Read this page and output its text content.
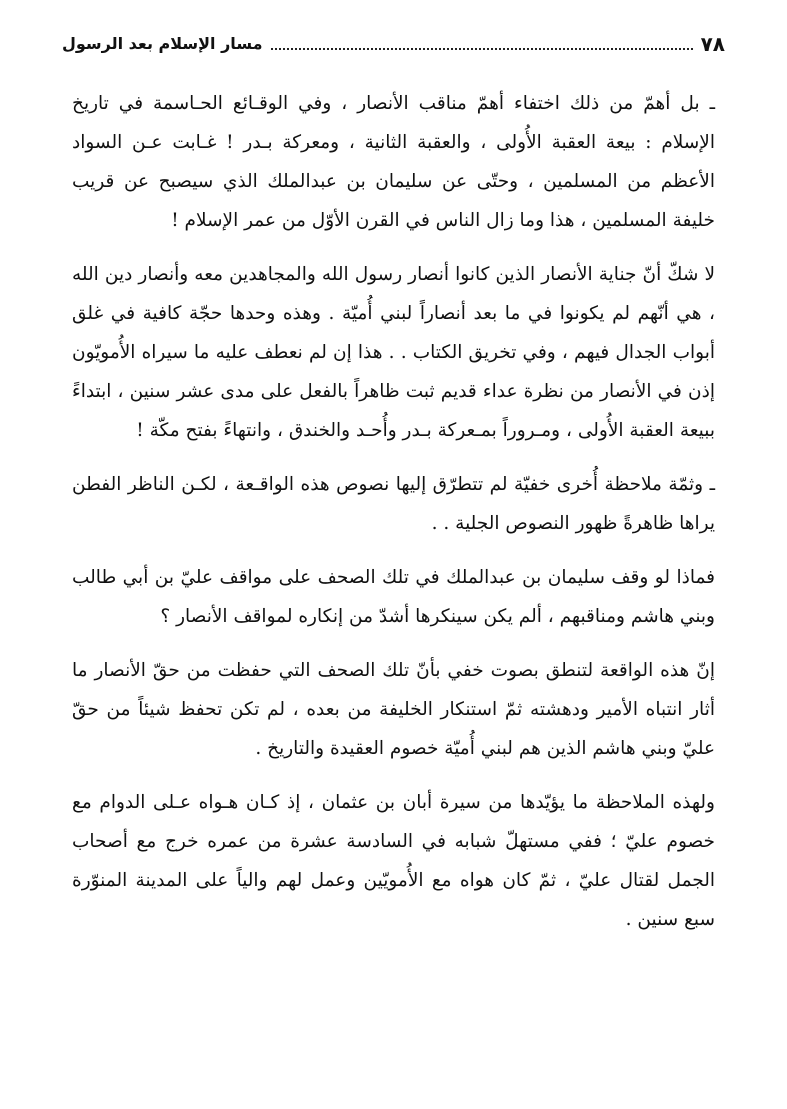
٧٨
مسار الإسلام بعد الرسول

ـ بل أهمّ من ذلك اختفاء أهمّ مناقب الأنصار ، وفي الوقـائع الحـاسمة في تاريخ الإسلام : بيعة العقبة الأُولى ، والعقبة الثانية ، ومعركة بـدر ! غـابت عـن السواد الأعظم من المسلمين ، وحتّى عن سليمان بن عبدالملك الذي سيصبح عن قريب خليفة المسلمين ، هذا وما زال الناس في القرن الأوّل من عمر الإسلام !

لا شكّ أنّ جناية الأنصار الذين كانوا أنصار رسول الله والمجاهدين معه وأنصار دين الله ، هي أنّهم لم يكونوا في ما بعد أنصاراً لبني أُميّة . وهذه وحدها حجّة كافية في غلق أبواب الجدال فيهم ، وفي تخريق الكتاب . . هذا إن لم نعطف عليه ما سيراه الأُمويّون إذن في الأنصار من نظرة عداء قديم ثبت ظاهراً بالفعل على مدى عشر سنين ، ابتداءً ببيعة العقبة الأُولى ، ومـروراً بمـعركة بـدر وأُحـد والخندق ، وانتهاءً بفتح مكّة !

ـ وثمّة ملاحظة أُخرى خفيّة لم تتطرّق إليها نصوص هذه الواقـعة ، لكـن الناظر الفطن يراها ظاهرةً ظهور النصوص الجلية . .

فماذا لو وقف سليمان بن عبدالملك في تلك الصحف على مواقف عليّ بن أبي طالب وبني هاشم ومناقبهم ، ألم يكن سينكرها أشدّ من إنكاره لمواقف الأنصار ؟

إنّ هذه الواقعة لتنطق بصوت خفي بأنّ تلك الصحف التي حفظت من حقّ الأنصار ما أثار انتباه الأمير ودهشته ثمّ استنكار الخليفة من بعده ، لم تكن تحفظ شيئاً من حقّ عليّ وبني هاشم الذين هم لبني أُميّة خصوم العقيدة والتاريخ .

ولهذه الملاحظة ما يؤيّدها من سيرة أبان بن عثمان ، إذ كـان هـواه عـلى الدوام مع خصوم عليّ ؛ ففي مستهلّ شبابه في السادسة عشرة من عمره خرج مع أصحاب الجمل لقتال عليّ ، ثمّ كان هواه مع الأُمويّين وعمل لهم والياً على المدينة المنوّرة سبع سنين .
